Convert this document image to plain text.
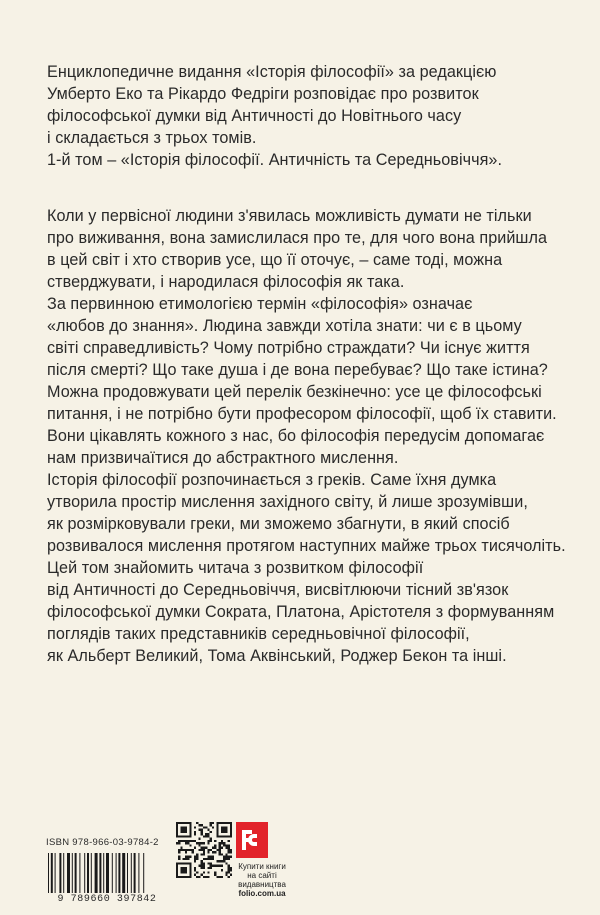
Енциклопедичне видання «Історія філософії» за редакцією
Умберто Еко та Рікардо Федріги розповідає про розвиток
філософської думки від Античності до Новітнього часу
і складається з трьох томів.
1-й том – «Історія філософії. Античність та Середньовіччя».
Коли у первісної людини з'явилась можливість думати не тільки
про виживання, вона замислилася про те, для чого вона прийшла
в цей світ і хто створив усе, що її оточує, – саме тоді, можна
стверджувати, і народилася філософія як така.
За первинною етимологією термін «філософія» означає
«любов до знання». Людина завжди хотіла знати: чи є в цьому
світі справедливість? Чому потрібно страждати? Чи існує життя
після смерті? Що таке душа і де вона перебуває? Що таке істина?
Можна продовжувати цей перелік безкінечно: усе це філософські
питання, і не потрібно бути професором філософії, щоб їх ставити.
Вони цікавлять кожного з нас, бо філософія передусім допомагає
нам призвичаїтися до абстрактного мислення.
Історія філософії розпочинається з греків. Саме їхня думка
утворила простір мислення західного світу, й лише зрозумівши,
як розмірковували греки, ми зможемо збагнути, в який спосіб
розвивалося мислення протягом наступних майже трьох тисячоліть.
Цей том знайомить читача з розвитком філософії
від Античності до Середньовіччя, висвітлюючи тісний зв'язок
філософської думки Сократа, Платона, Арістотеля з формуванням
поглядів таких представників середньовічної філософії,
як Альберт Великий, Тома Аквінський, Роджер Бекон та інші.
ISBN 978-966-03-9784-2
9 789660 397842
Купити книги
на сайті
видавництва
folio.com.ua
